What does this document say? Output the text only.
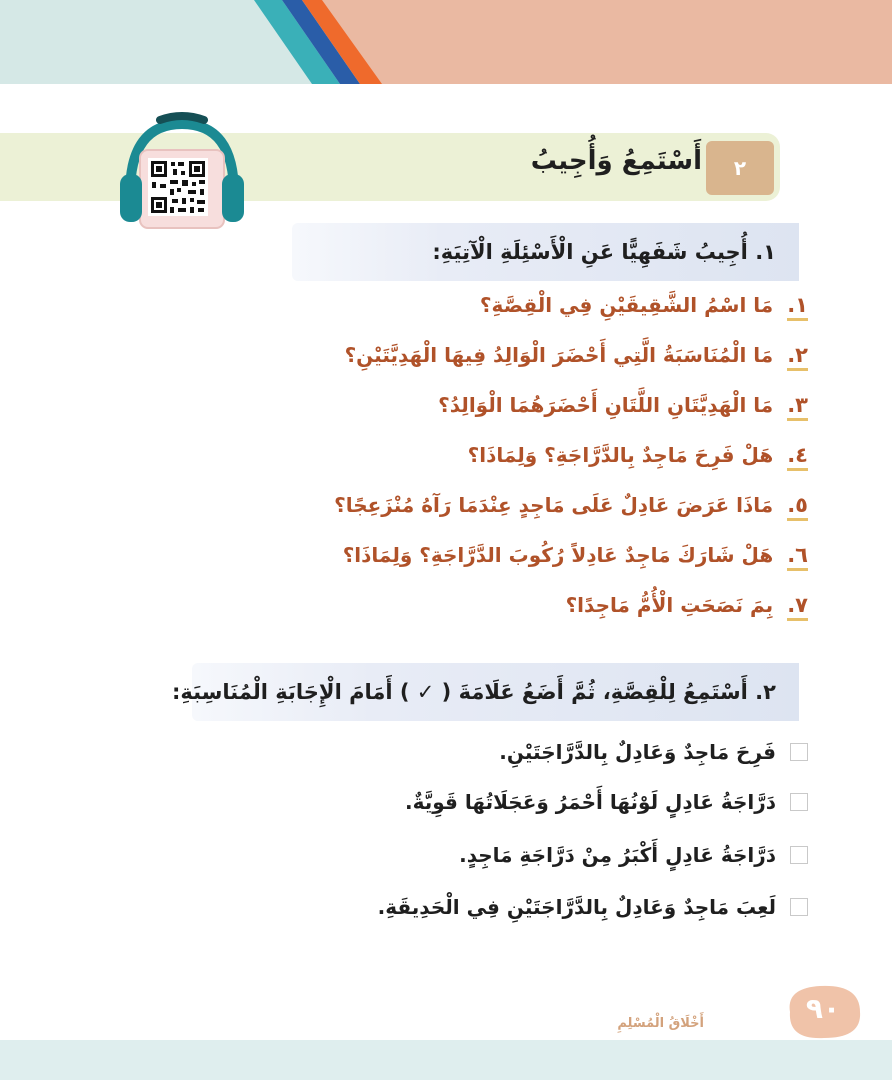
٢
أَسْتَمِعُ وَأُجِيبُ
١. أُجِيبُ شَفَهِيًّا عَنِ الْأَسْئِلَةِ الْآتِيَةِ:
١.
مَا اسْمُ الشَّقِيقَيْنِ فِي الْقِصَّةِ؟
٢.
مَا الْمُنَاسَبَةُ الَّتِي أَحْضَرَ الْوَالِدُ فِيهَا الْهَدِيَّتَيْنِ؟
٣.
مَا الْهَدِيَّتَانِ اللَّتَانِ أَحْضَرَهُمَا الْوَالِدُ؟
٤.
هَلْ فَرِحَ مَاجِدٌ بِالدَّرَّاجَةِ؟ وَلِمَاذَا؟
٥.
مَاذَا عَرَضَ عَادِلٌ عَلَى مَاجِدٍ عِنْدَمَا رَآهُ مُنْزَعِجًا؟
٦.
هَلْ شَارَكَ مَاجِدٌ عَادِلاً رُكُوبَ الدَّرَّاجَةِ؟ وَلِمَاذَا؟
٧.
بِمَ نَصَحَتِ الْأُمُّ مَاجِدًا؟
٢. أَسْتَمِعُ لِلْقِصَّةِ، ثُمَّ أَضَعُ عَلَامَةَ ( ✓ ) أَمَامَ الْإِجَابَةِ الْمُنَاسِبَةِ:
فَرِحَ مَاجِدٌ وَعَادِلٌ بِالدَّرَّاجَتَيْنِ.
دَرَّاجَةُ عَادِلٍ لَوْنُهَا أَحْمَرُ وَعَجَلَاتُهَا قَوِيَّةٌ.
دَرَّاجَةُ عَادِلٍ أَكْبَرُ مِنْ دَرَّاجَةِ مَاجِدٍ.
لَعِبَ مَاجِدٌ وَعَادِلٌ بِالدَّرَّاجَتَيْنِ فِي الْحَدِيقَةِ.
أَخْلَاقُ الْمُسْلِمِ	٩٠
